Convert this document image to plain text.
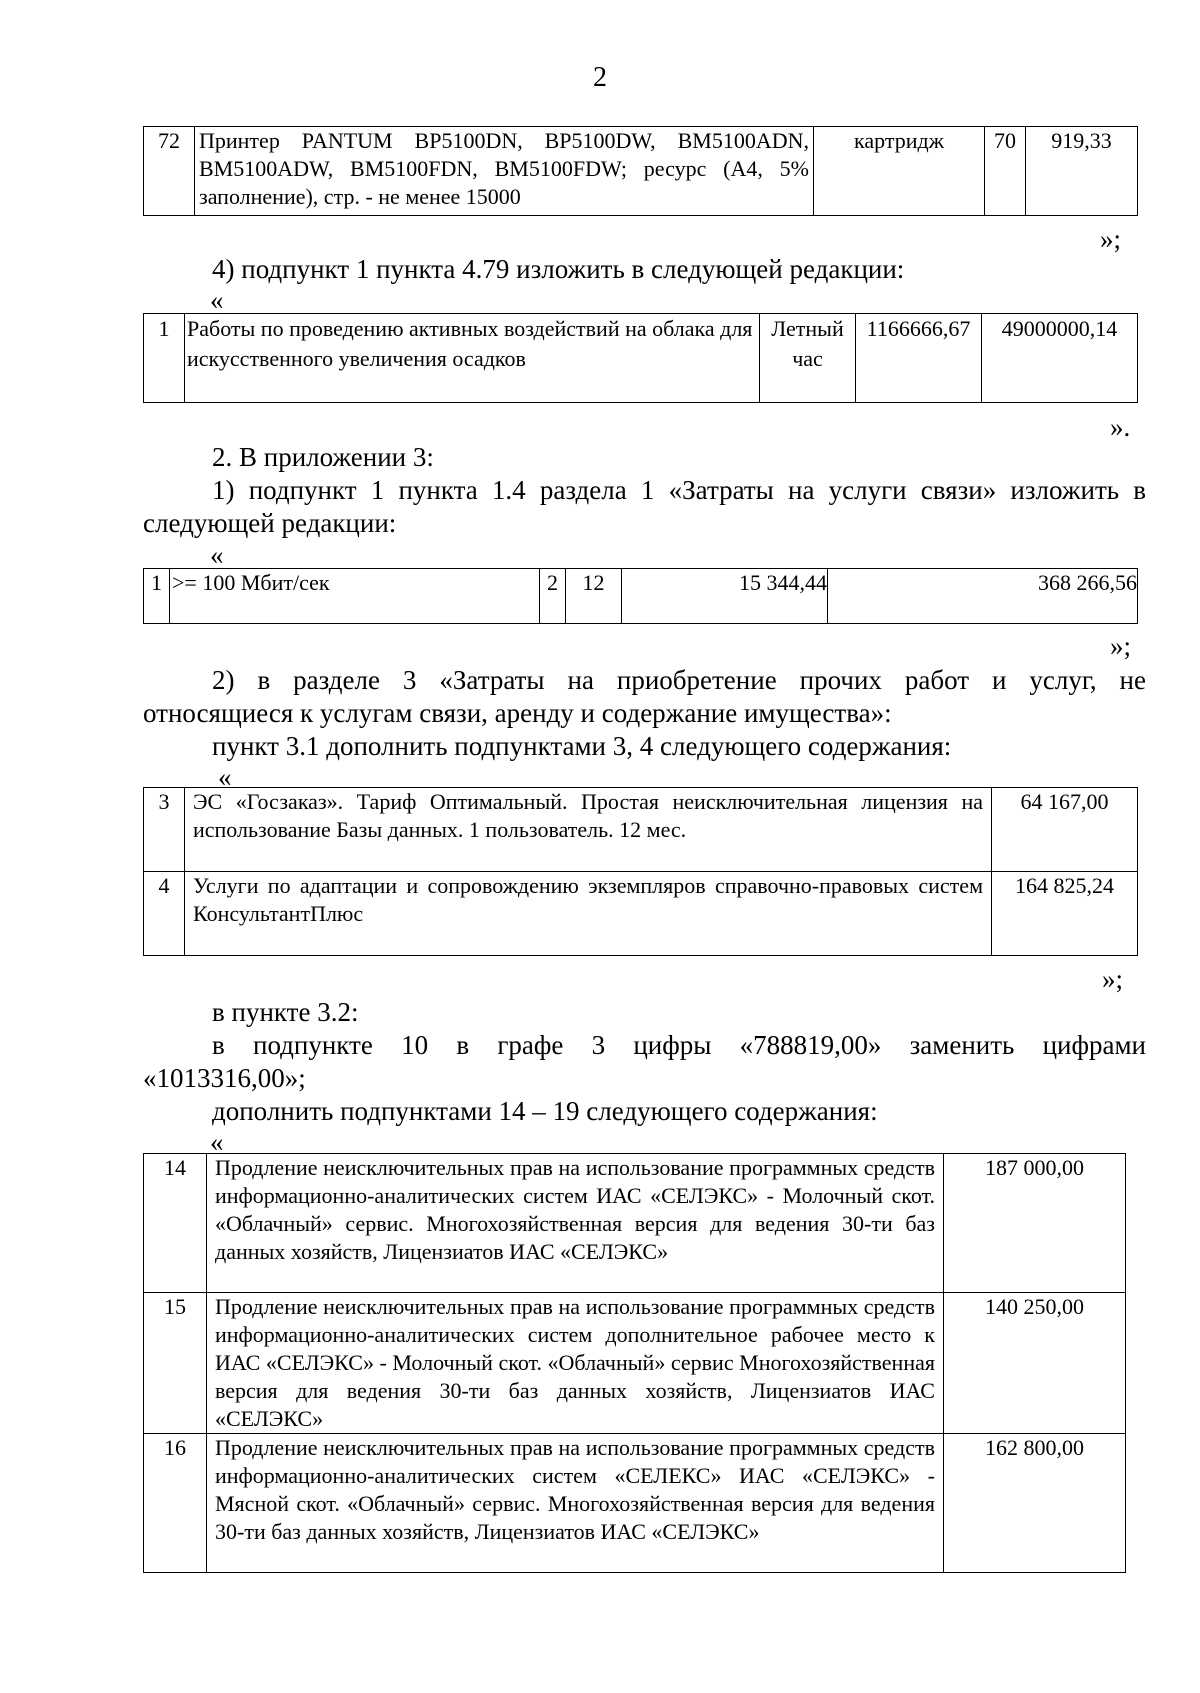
2
72	Принтер PANTUM BP5100DN, BP5100DW, BM5100ADN, BM5100ADW, BM5100FDN, BM5100FDW; ресурс (A4, 5% заполнение), стр. - не менее 15000	картридж	70	919,33
»;
4) подпункт 1 пункта 4.79 изложить в следующей редакции:
«
1	Работы по проведению активных воздействий на облака для искусственного увеличения осадков	Летный час	1166666,67	49000000,14
».
2. В приложении 3:
1) подпункт 1 пункта 1.4 раздела 1 «Затраты на услуги связи» изложить в
следующей редакции:
«
1	>= 100 Мбит/сек	2	12	15 344,44	368 266,56
»;
2) в разделе 3 «Затраты на приобретение прочих работ и услуг, не
относящиеся к услугам связи, аренду и содержание имущества»:
пункт 3.1 дополнить подпунктами 3, 4 следующего содержания:
«
3	ЭС «Госзаказ». Тариф Оптимальный. Простая неисключительная лицензия на использование Базы данных. 1 пользователь. 12 мес.	64 167,00
4	Услуги по адаптации и сопровождению экземпляров справочно-правовых систем КонсультантПлюс	164 825,24
»;
в пункте 3.2:
в подпункте 10 в графе 3 цифры «788819,00» заменить цифрами
«1013316,00»;
дополнить подпунктами 14 – 19 следующего содержания:
«
14	Продление неисключительных прав на использование программных средств информационно-аналитических систем ИАС «СЕЛЭКС» - Молочный скот. «Облачный» сервис. Многохозяйственная версия для ведения 30-ти баз данных хозяйств, Лицензиатов ИАС «СЕЛЭКС»	187 000,00
15	Продление неисключительных прав на использование программных средств информационно-аналитических систем дополнительное рабочее место к ИАС «СЕЛЭКС» - Молочный скот. «Облачный» сервис Многохозяйственная версия для ведения 30-ти баз данных хозяйств, Лицензиатов ИАС «СЕЛЭКС»	140 250,00
16	Продление неисключительных прав на использование программных средств информационно-аналитических систем «СЕЛЕКС» ИАС «СЕЛЭКС» - Мясной скот. «Облачный» сервис. Многохозяйственная версия для ведения 30-ти баз данных хозяйств, Лицензиатов ИАС «СЕЛЭКС»	162 800,00
